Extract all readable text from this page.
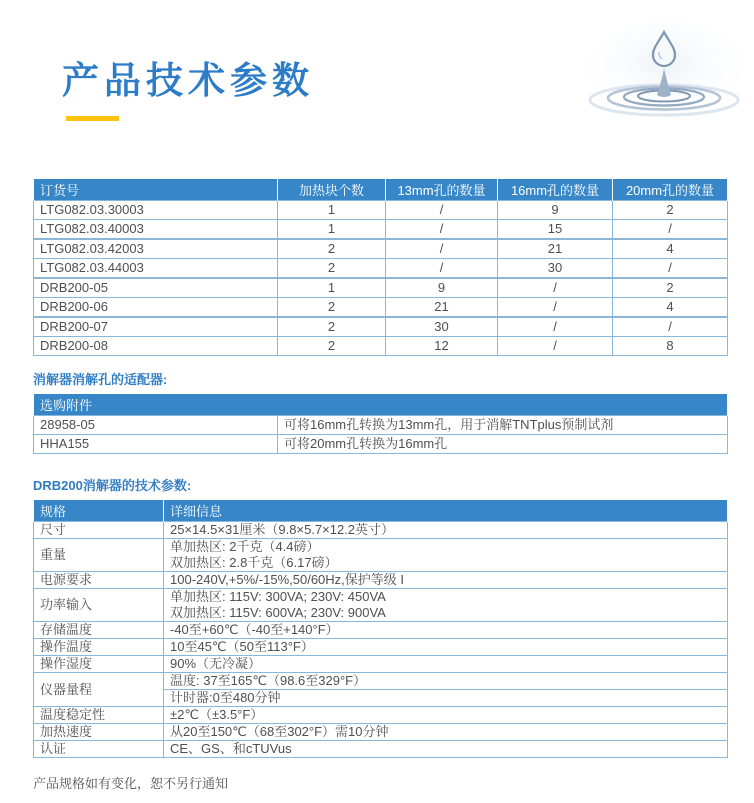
产品技术参数
订货号	加热块个数	13mm孔的数量	16mm孔的数量	20mm孔的数量
LTG082.03.30003	1	/	9	2
LTG082.03.40003	1	/	15	/
LTG082.03.42003	2	/	21	4
LTG082.03.44003	2	/	30	/
DRB200-05	1	9	/	2
DRB200-06	2	21	/	4
DRB200-07	2	30	/	/
DRB200-08	2	12	/	8

消解器消解孔的适配器:

选购附件	
28958-05	可将16mm孔转换为13mm孔，用于消解TNTplus预制试剂
HHA155	可将20mm孔转换为16mm孔

DRB200消解器的技术参数:

规格	详细信息
尺寸	25×14.5×31厘米（9.8×5.7×12.2英寸）
重量	单加热区: 2千克（4.4磅）
双加热区: 2.8千克（6.17磅）

电源要求	100-240V,+5%/-15%,50/60Hz,保护等级 I
功率输入	单加热区: 115V: 300VA; 230V: 450VA
双加热区: 115V: 600VA; 230V: 900VA

存储温度	-40至+60℃（-40至+140°F）
操作温度	10至45℃（50至113°F）
操作湿度	90%（无冷凝）
仪器量程	温度: 37至165℃（98.6至329°F）
	计时器:0至480分钟
温度稳定性	±2℃（±3.5°F）
加热速度	从20至150℃（68至302°F）需10分钟
认证	CE、GS、和cTUVus

产品规格如有变化，恕不另行通知
